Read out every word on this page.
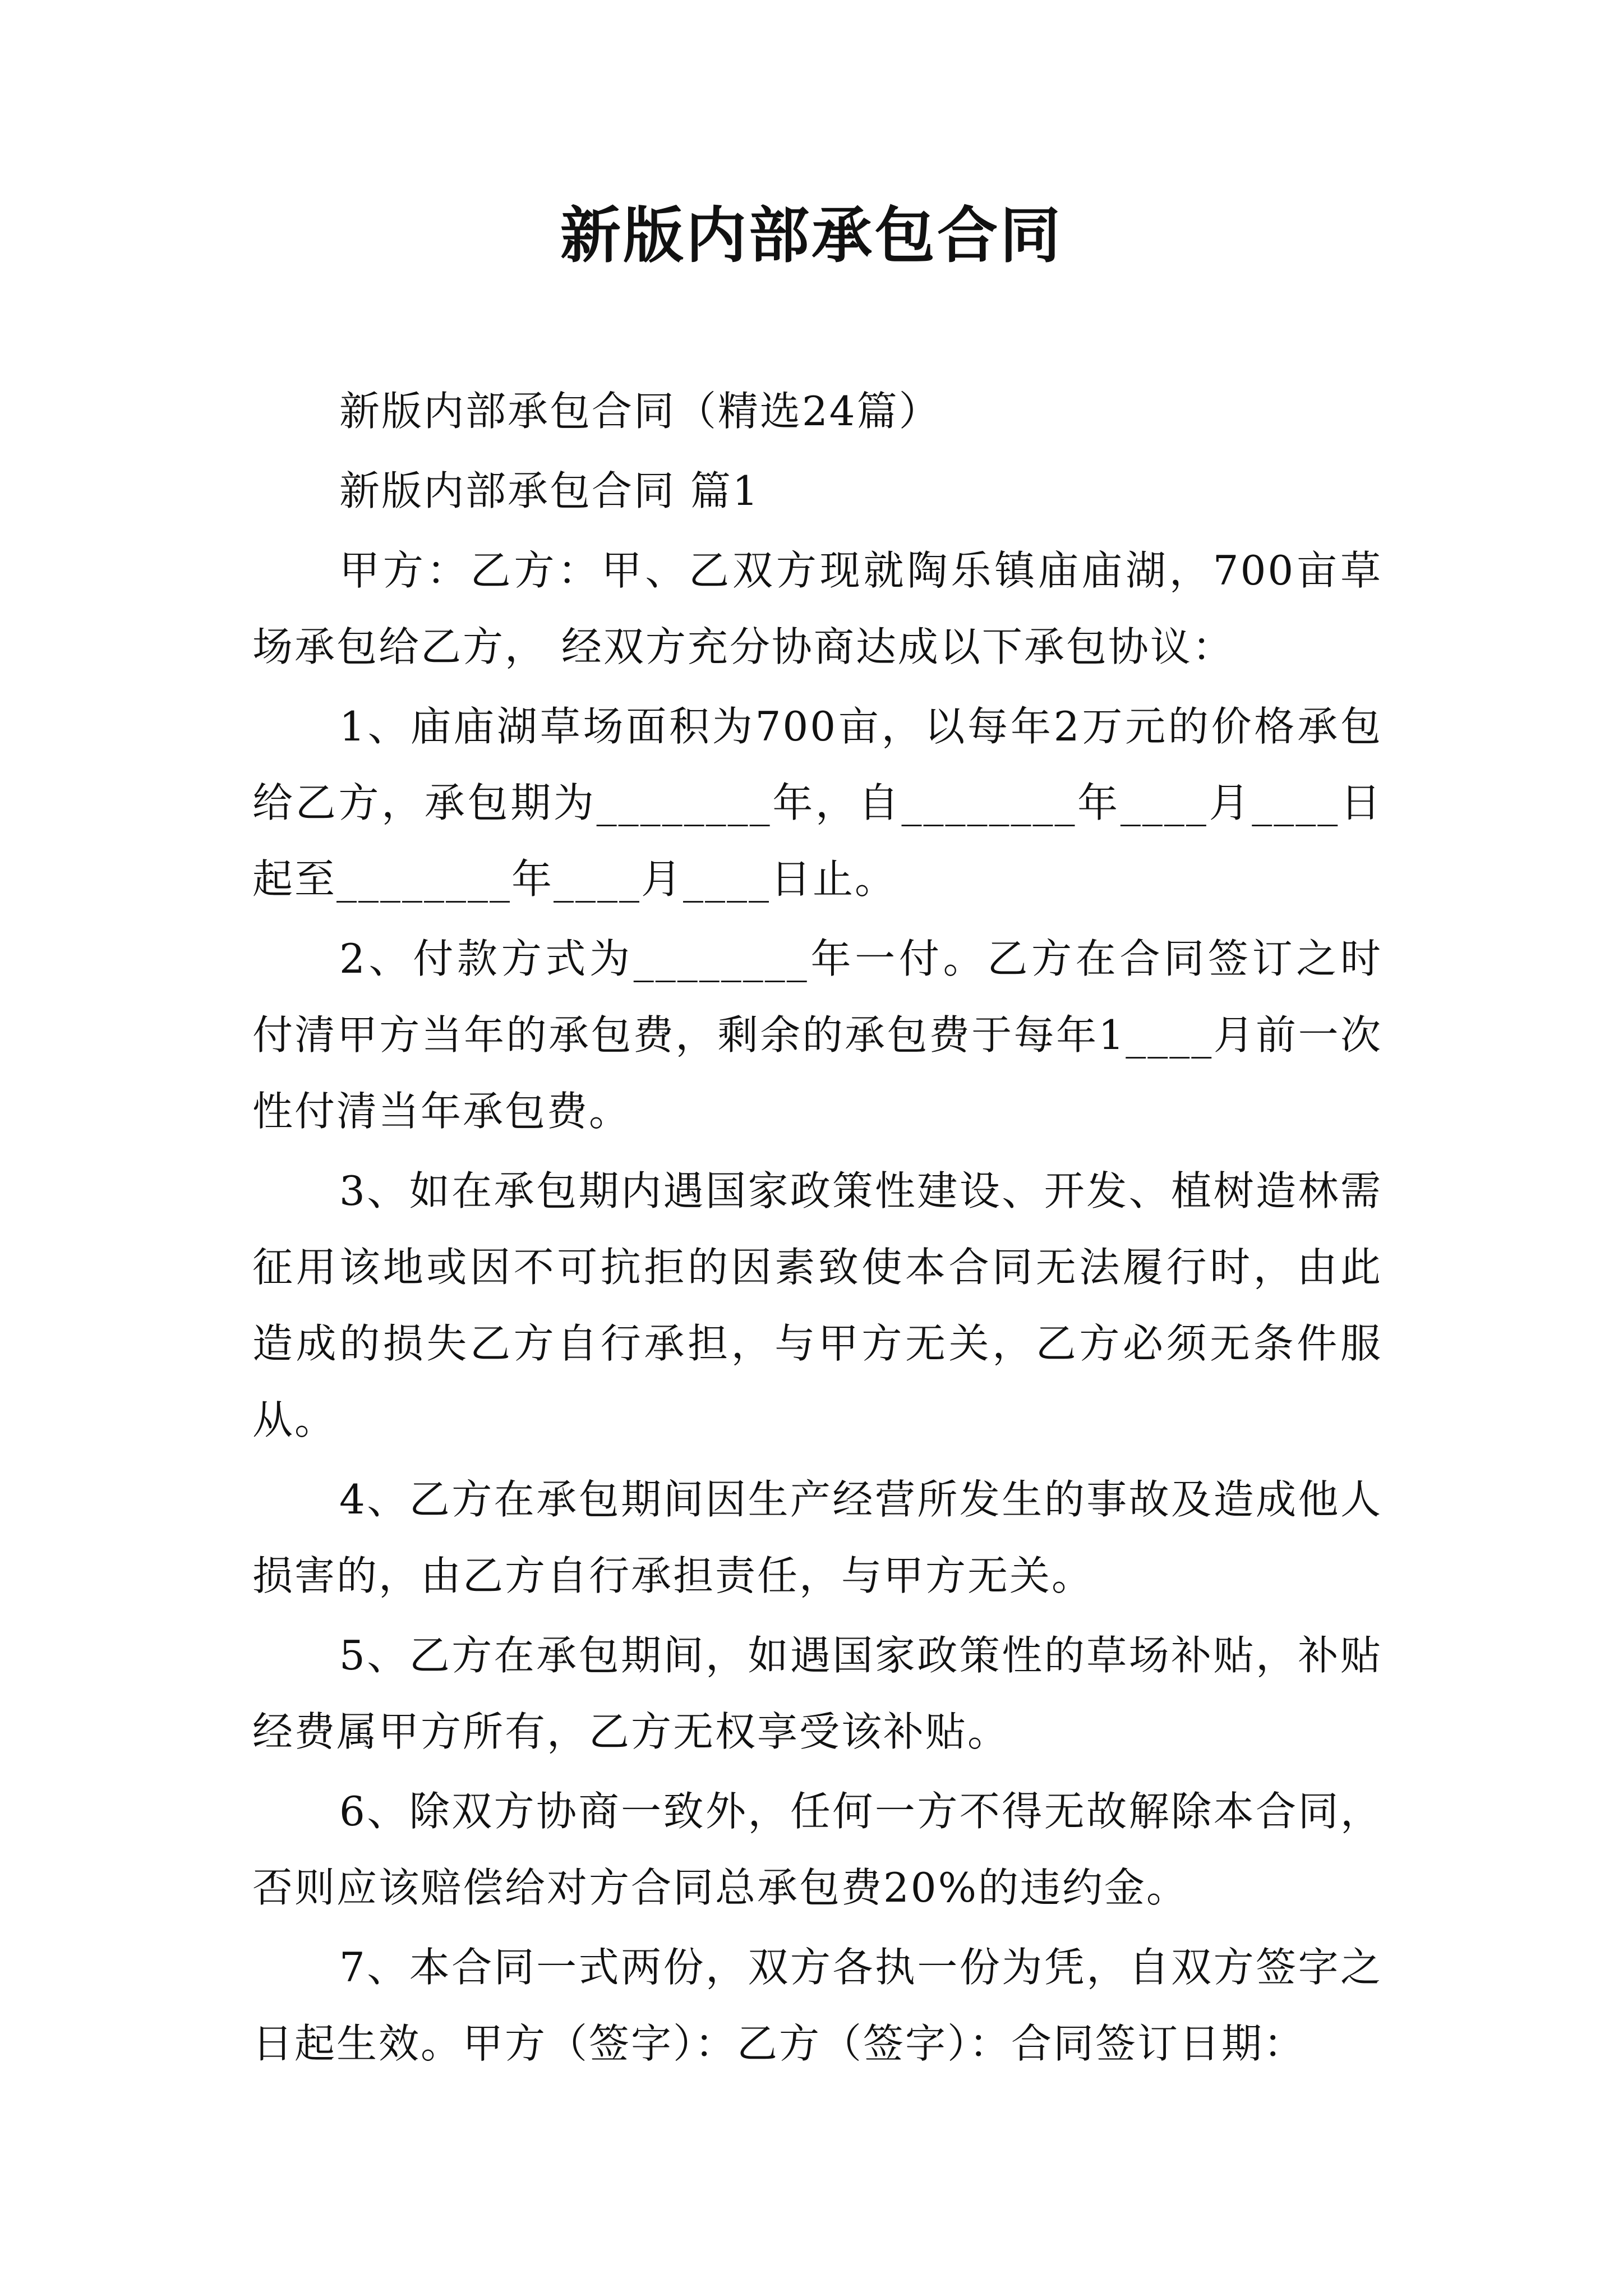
新版内部承包合同

新版内部承包合同（精选24篇）

新版内部承包合同 篇1

甲方：乙方：甲、乙双方现就陶乐镇庙庙湖，700亩草场承包给乙方， 经双方充分协商达成以下承包协议：

1、庙庙湖草场面积为700亩，以每年2万元的价格承包给乙方，承包期为________年，自________年____月____日起至________年____月____日止。

2、付款方式为________年一付。乙方在合同签订之时付清甲方当年的承包费，剩余的承包费于每年1____月前一次性付清当年承包费。

3、如在承包期内遇国家政策性建设、开发、植树造林需征用该地或因不可抗拒的因素致使本合同无法履行时，由此造成的损失乙方自行承担，与甲方无关，乙方必须无条件服从。

4、乙方在承包期间因生产经营所发生的事故及造成他人损害的，由乙方自行承担责任，与甲方无关。

5、乙方在承包期间，如遇国家政策性的草场补贴，补贴经费属甲方所有，乙方无权享受该补贴。

6、除双方协商一致外，任何一方不得无故解除本合同，否则应该赔偿给对方合同总承包费20%的违约金。

7、本合同一式两份，双方各执一份为凭，自双方签字之日起生效。甲方（签字）：乙方（签字）：合同签订日期：
